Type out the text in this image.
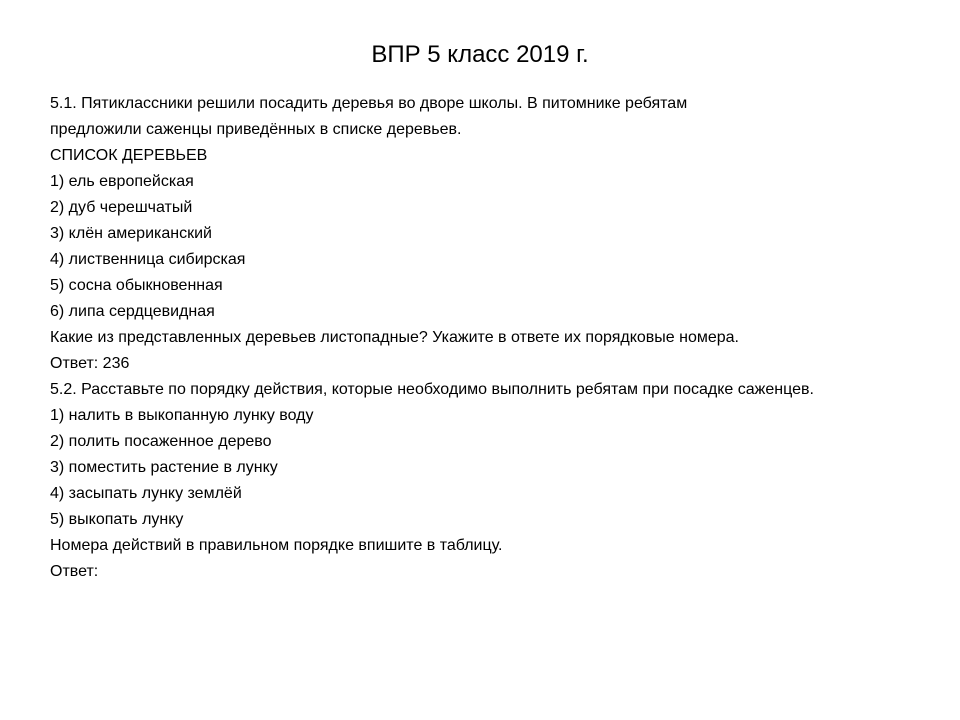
ВПР 5 класс 2019 г.
5.1. Пятиклассники решили посадить деревья во дворе школы. В питомнике ребятам
предложили саженцы приведённых в списке деревьев.
СПИСОК ДЕРЕВЬЕВ
1) ель европейская
2) дуб черешчатый
3) клён американский
4) лиственница сибирская
5) сосна обыкновенная
6) липа сердцевидная
Какие из представленных деревьев листопадные? Укажите в ответе их порядковые номера.
Ответ: 236
5.2. Расставьте по порядку действия, которые необходимо выполнить ребятам при посадке саженцев.
1) налить в выкопанную лунку воду
2) полить посаженное дерево
3) поместить растение в лунку
4) засыпать лунку землёй
5) выкопать лунку
Номера действий в правильном порядке впишите в таблицу.
Ответ:
